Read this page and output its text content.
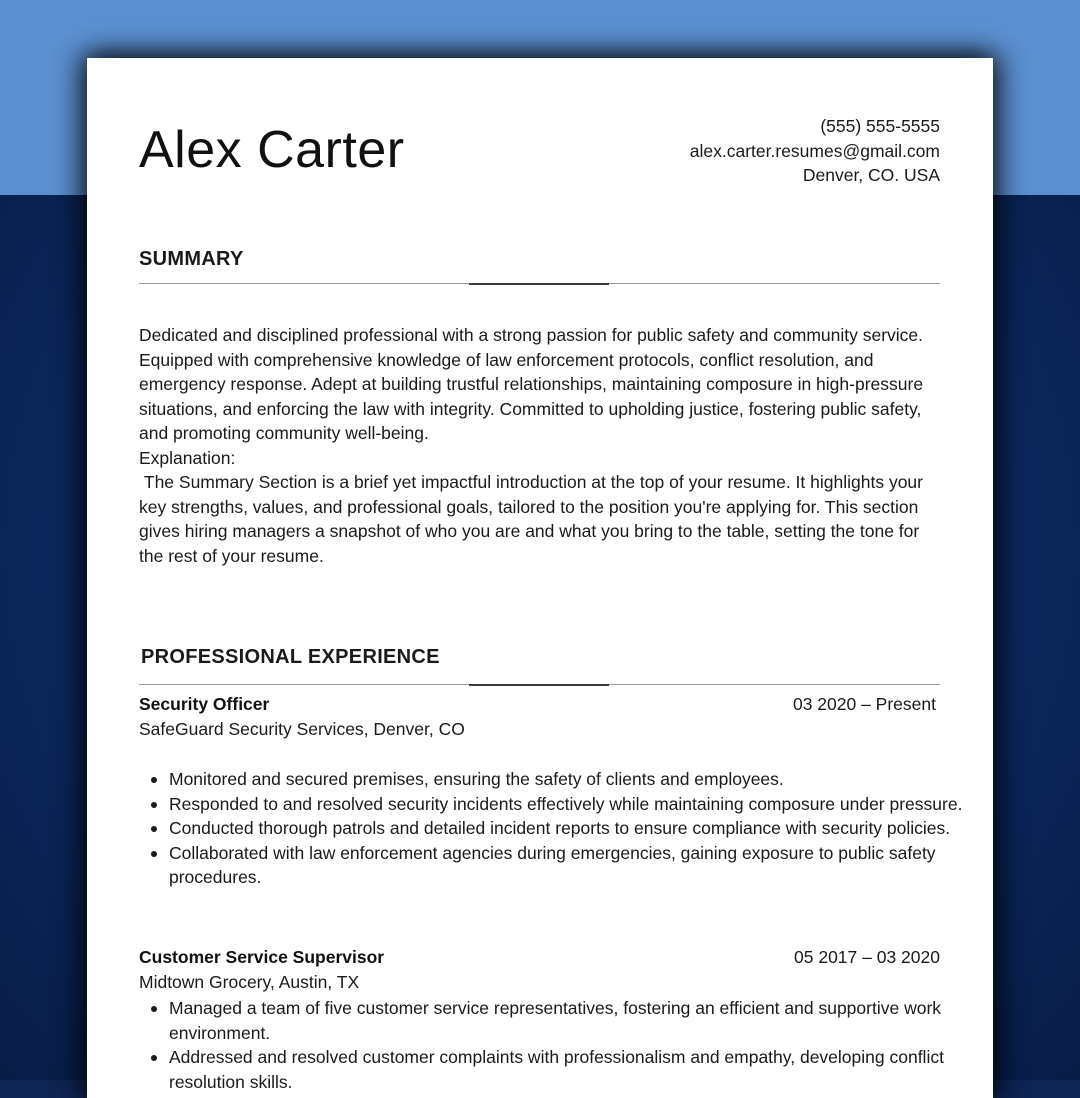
Alex Carter	(555) 555-5555
alex.carter.resumes@gmail.com
Denver, CO. USA
SUMMARY
Dedicated and disciplined professional with a strong passion for public safety and community service. Equipped with comprehensive knowledge of law enforcement protocols, conflict resolution, and emergency response. Adept at building trustful relationships, maintaining composure in high-pressure situations, and enforcing the law with integrity. Committed to upholding justice, fostering public safety, and promoting community well-being.
Explanation:
The Summary Section is a brief yet impactful introduction at the top of your resume. It highlights your key strengths, values, and professional goals, tailored to the position you're applying for. This section gives hiring managers a snapshot of who you are and what you bring to the table, setting the tone for the rest of your resume.
PROFESSIONAL EXPERIENCE
Security Officer	03 2020 – Present
SafeGuard Security Services, Denver, CO
Monitored and secured premises, ensuring the safety of clients and employees.
Responded to and resolved security incidents effectively while maintaining composure under pressure.
Conducted thorough patrols and detailed incident reports to ensure compliance with security policies.
Collaborated with law enforcement agencies during emergencies, gaining exposure to public safety procedures.
Customer Service Supervisor	05 2017 – 03 2020
Midtown Grocery, Austin, TX
Managed a team of five customer service representatives, fostering an efficient and supportive work environment.
Addressed and resolved customer complaints with professionalism and empathy, developing conflict resolution skills.
